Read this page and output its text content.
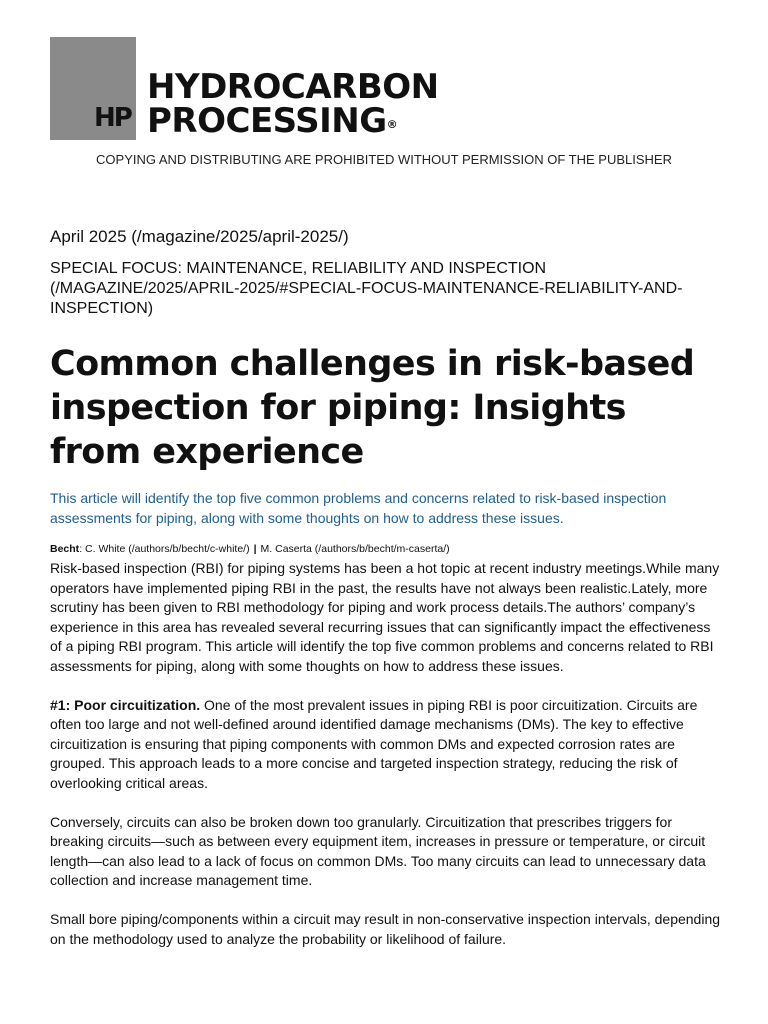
HP
HYDROCARBON
PROCESSING®
COPYING AND DISTRIBUTING ARE PROHIBITED WITHOUT PERMISSION OF THE PUBLISHER

April 2025 (/magazine/2025/april-2025/)

SPECIAL FOCUS: MAINTENANCE, RELIABILITY AND INSPECTION (/MAGAZINE/2025/APRIL-2025/#SPECIAL-FOCUS-MAINTENANCE-RELIABILITY-AND-INSPECTION)

Common challenges in risk-based inspection for piping: Insights from experience

This article will identify the top five common problems and concerns related to risk-based inspection assessments for piping, along with some thoughts on how to address these issues.

Becht: C. White (/authors/b/becht/c-white/) | M. Caserta (/authors/b/becht/m-caserta/)

Risk-based inspection (RBI) for piping systems has been a hot topic at recent industry meetings.While many operators have implemented piping RBI in the past, the results have not always been realistic.Lately, more scrutiny has been given to RBI methodology for piping and work process details.The authors’ company’s experience in this area has revealed several recurring issues that can significantly impact the effectiveness of a piping RBI program. This article will identify the top five common problems and concerns related to RBI assessments for piping, along with some thoughts on how to address these issues.

#1: Poor circuitization. One of the most prevalent issues in piping RBI is poor circuitization. Circuits are often too large and not well-defined around identified damage mechanisms (DMs). The key to effective circuitization is ensuring that piping components with common DMs and expected corrosion rates are grouped. This approach leads to a more concise and targeted inspection strategy, reducing the risk of overlooking critical areas.

Conversely, circuits can also be broken down too granularly. Circuitization that prescribes triggers for breaking circuits—such as between every equipment item, increases in pressure or temperature, or circuit length—can also lead to a lack of focus on common DMs. Too many circuits can lead to unnecessary data collection and increase management time.

Small bore piping/components within a circuit may result in non-conservative inspection intervals, depending on the methodology used to analyze the probability or likelihood of failure.
